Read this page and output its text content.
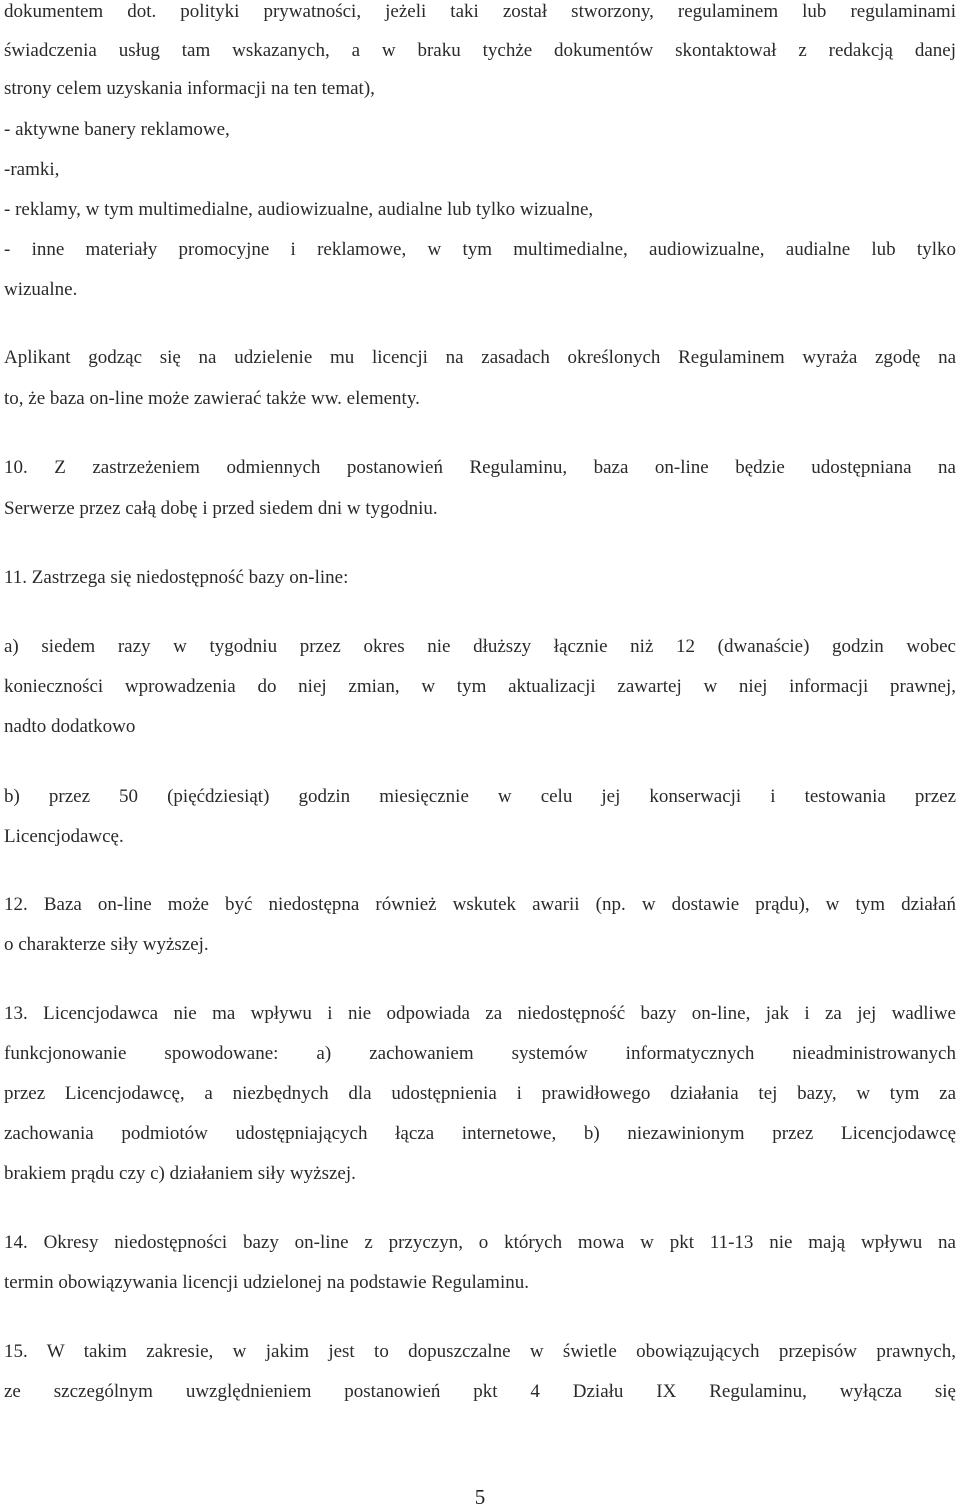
dokumentem dot. polityki prywatności, jeżeli taki został stworzony, regulaminem lub regulaminami
świadczenia usług tam wskazanych, a w braku tychże dokumentów skontaktował z redakcją danej
strony celem uzyskania informacji na ten temat),
- aktywne banery reklamowe,
-ramki,
- reklamy, w tym multimedialne, audiowizualne, audialne lub tylko wizualne,
- inne materiały promocyjne i reklamowe, w tym multimedialne, audiowizualne, audialne lub tylko
wizualne.
Aplikant godząc się na udzielenie mu licencji na zasadach określonych Regulaminem wyraża zgodę na
to, że baza on-line może zawierać także ww. elementy.
10. Z zastrzeżeniem odmiennych postanowień Regulaminu, baza on-line będzie udostępniana na
Serwerze przez całą dobę i przed siedem dni w tygodniu.
11. Zastrzega się niedostępność bazy on-line:
a) siedem razy w tygodniu przez okres nie dłuższy łącznie niż 12 (dwanaście) godzin wobec
konieczności wprowadzenia do niej zmian, w tym aktualizacji zawartej w niej informacji prawnej,
nadto dodatkowo
b) przez 50 (pięćdziesiąt) godzin miesięcznie w celu jej konserwacji i testowania przez
Licencjodawcę.
12. Baza on-line może być niedostępna również wskutek awarii (np. w dostawie prądu), w tym działań
o charakterze siły wyższej.
13. Licencjodawca nie ma wpływu i nie odpowiada za niedostępność bazy on-line, jak i za jej wadliwe
funkcjonowanie spowodowane: a) zachowaniem systemów informatycznych nieadministrowanych
przez Licencjodawcę, a niezbędnych dla udostępnienia i prawidłowego działania tej bazy, w tym za
zachowania podmiotów udostępniających łącza internetowe, b) niezawinionym przez Licencjodawcę
brakiem prądu czy c) działaniem siły wyższej.
14. Okresy niedostępności bazy on-line z przyczyn, o których mowa w pkt 11-13 nie mają wpływu na
termin obowiązywania licencji udzielonej na podstawie Regulaminu.
15. W takim zakresie, w jakim jest to dopuszczalne w świetle obowiązujących przepisów prawnych,
ze szczególnym uwzględnieniem postanowień pkt 4 Działu IX Regulaminu, wyłącza się
5
